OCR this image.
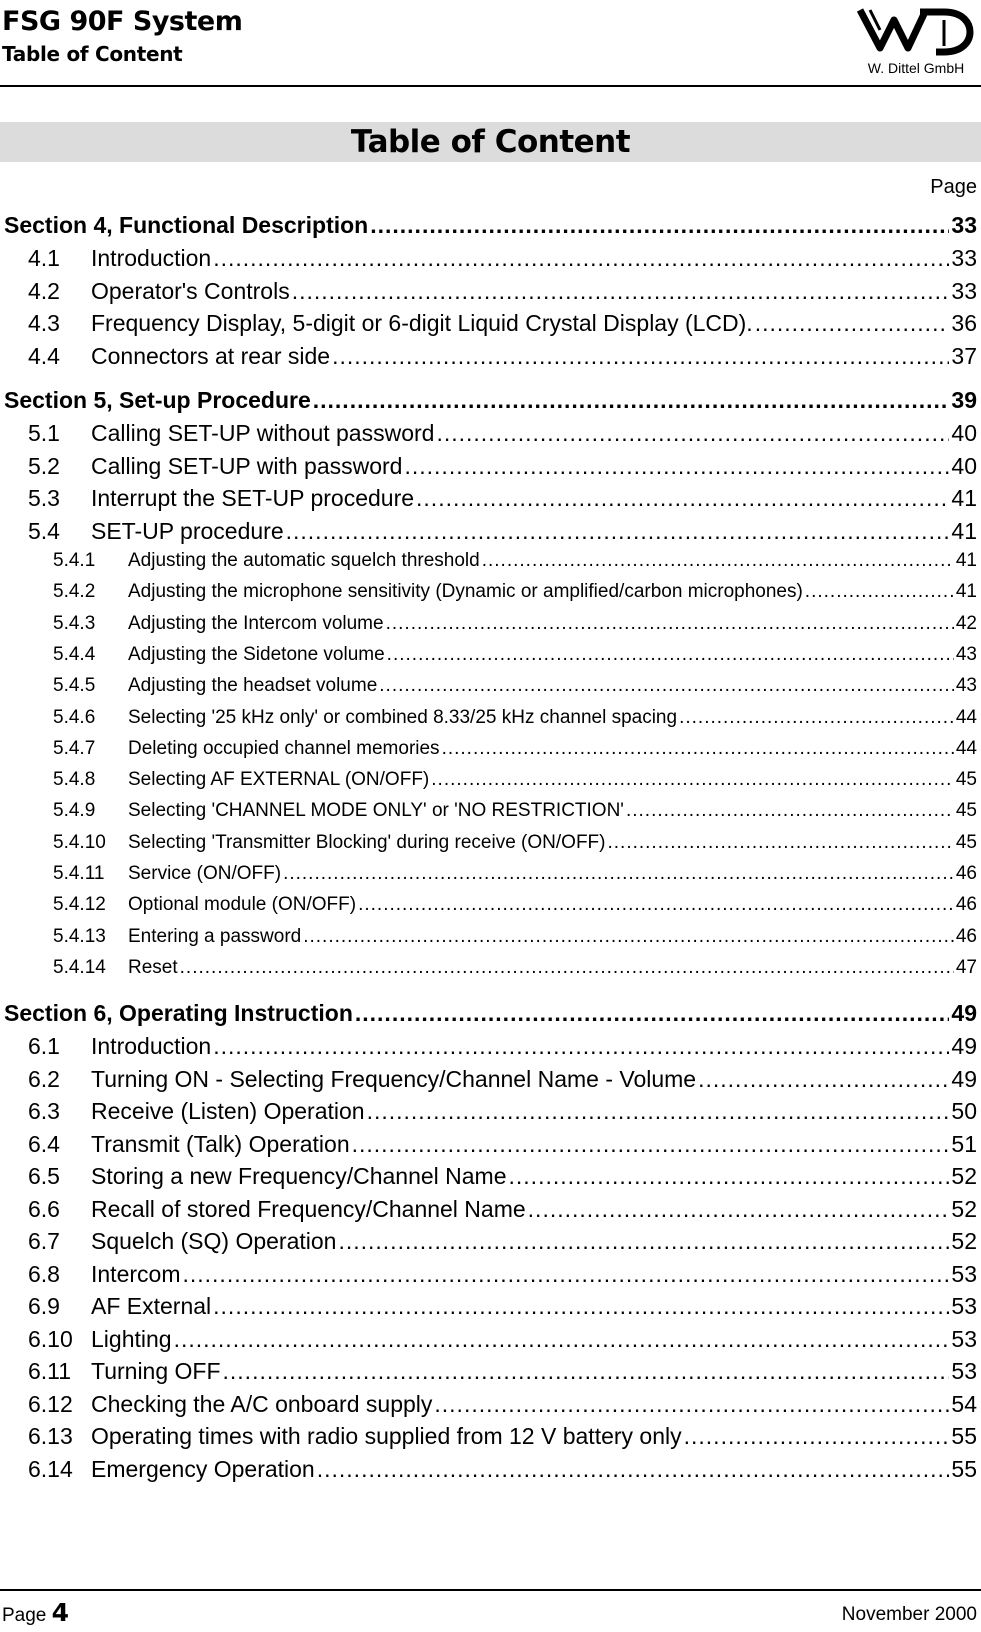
FSG 90F System
Table of Content
W. Dittel GmbH
Table of Content
Page
Section 4, Functional Description .....	33
4.1	Introduction .....	33
4.2	Operator's Controls .....	33
4.3	Frequency Display, 5-digit or 6-digit Liquid Crystal Display (LCD). .....	36
4.4	Connectors at rear side .....	37
Section 5, Set-up Procedure .....	39
5.1	Calling SET-UP without password .....	40
5.2	Calling SET-UP with password .....	40
5.3	Interrupt the SET-UP procedure .....	41
5.4	SET-UP procedure .....	41
5.4.1	Adjusting the automatic squelch threshold .....	41
5.4.2	Adjusting the microphone sensitivity (Dynamic or amplified/carbon microphones) .....	41
5.4.3	Adjusting the Intercom volume .....	42
5.4.4	Adjusting the Sidetone volume .....	43
5.4.5	Adjusting the headset volume .....	43
5.4.6	Selecting '25 kHz only' or combined 8.33/25 kHz channel spacing .....	44
5.4.7	Deleting occupied channel memories .....	44
5.4.8	Selecting AF EXTERNAL (ON/OFF) .....	45
5.4.9	Selecting 'CHANNEL MODE ONLY' or 'NO RESTRICTION' .....	45
5.4.10	Selecting 'Transmitter Blocking' during receive (ON/OFF) .....	45
5.4.11	Service (ON/OFF) .....	46
5.4.12	Optional module (ON/OFF) .....	46
5.4.13	Entering a password .....	46
5.4.14	Reset .....	47
Section 6, Operating Instruction .....	49
6.1	Introduction .....	49
6.2	Turning ON - Selecting Frequency/Channel Name - Volume .....	49
6.3	Receive (Listen) Operation .....	50
6.4	Transmit (Talk) Operation .....	51
6.5	Storing a new Frequency/Channel Name .....	52
6.6	Recall of stored Frequency/Channel Name .....	52
6.7	Squelch (SQ) Operation .....	52
6.8	Intercom .....	53
6.9	AF External .....	53
6.10 Lighting .....	53
6.11 Turning OFF .....	53
6.12 Checking the A/C onboard supply .....	54
6.13 Operating times with radio supplied from 12 V battery only .....	55
6.14 Emergency Operation .....	55
Page 4	November 2000
